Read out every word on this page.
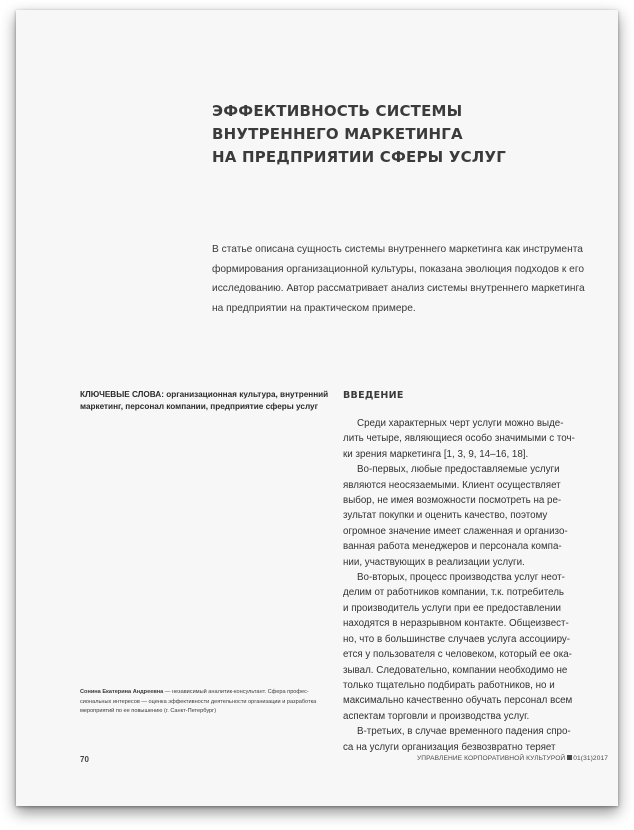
ЭФФЕКТИВНОСТЬ СИСТЕМЫ
ВНУТРЕННЕГО МАРКЕТИНГА
НА ПРЕДПРИЯТИИ СФЕРЫ УСЛУГ
В статье описана сущность системы внутреннего маркетинга как инструмента
формирования организационной культуры, показана эволюция подходов к его
исследованию. Автор рассматривает анализ системы внутреннего маркетинга
на предприятии на практическом примере.
КЛЮЧЕВЫЕ СЛОВА: организационная культура, внутренний
маркетинг, персонал компании, предприятие сферы услуг
ВВЕДЕНИЕ
Среди характерных черт услуги можно выде-
лить четыре, являющиеся особо значимыми с точ-
ки зрения маркетинга [1, 3, 9, 14–16, 18].
Во-первых, любые предоставляемые услуги
являются неосязаемыми. Клиент осуществляет
выбор, не имея возможности посмотреть на ре-
зультат покупки и оценить качество, поэтому
огромное значение имеет слаженная и организо-
ванная работа менеджеров и персонала компа-
нии, участвующих в реализации услуги.
Во-вторых, процесс производства услуг неот-
делим от работников компании, т.к. потребитель
и производитель услуги при ее предоставлении
находятся в неразрывном контакте. Общеизвест-
но, что в большинстве случаев услуга ассоцииру-
ется у пользователя с человеком, который ее ока-
зывал. Следовательно, компании необходимо не
только тщательно подбирать работников, но и
максимально качественно обучать персонал всем
аспектам торговли и производства услуг.
В-третьих, в случае временного падения спро-
са на услуги организация безвозвратно теряет
Сонина Екатерина Андреевна — независимый аналитик-консультант. Сфера профес-
сиональных интересов — оценка эффективности деятельности организации и разработка
мероприятий по ее повышению (г. Санкт-Петербург)
70	УПРАВЛЕНИЕ КОРПОРАТИВНОЙ КУЛЬТУРОЙ 01(31)2017
